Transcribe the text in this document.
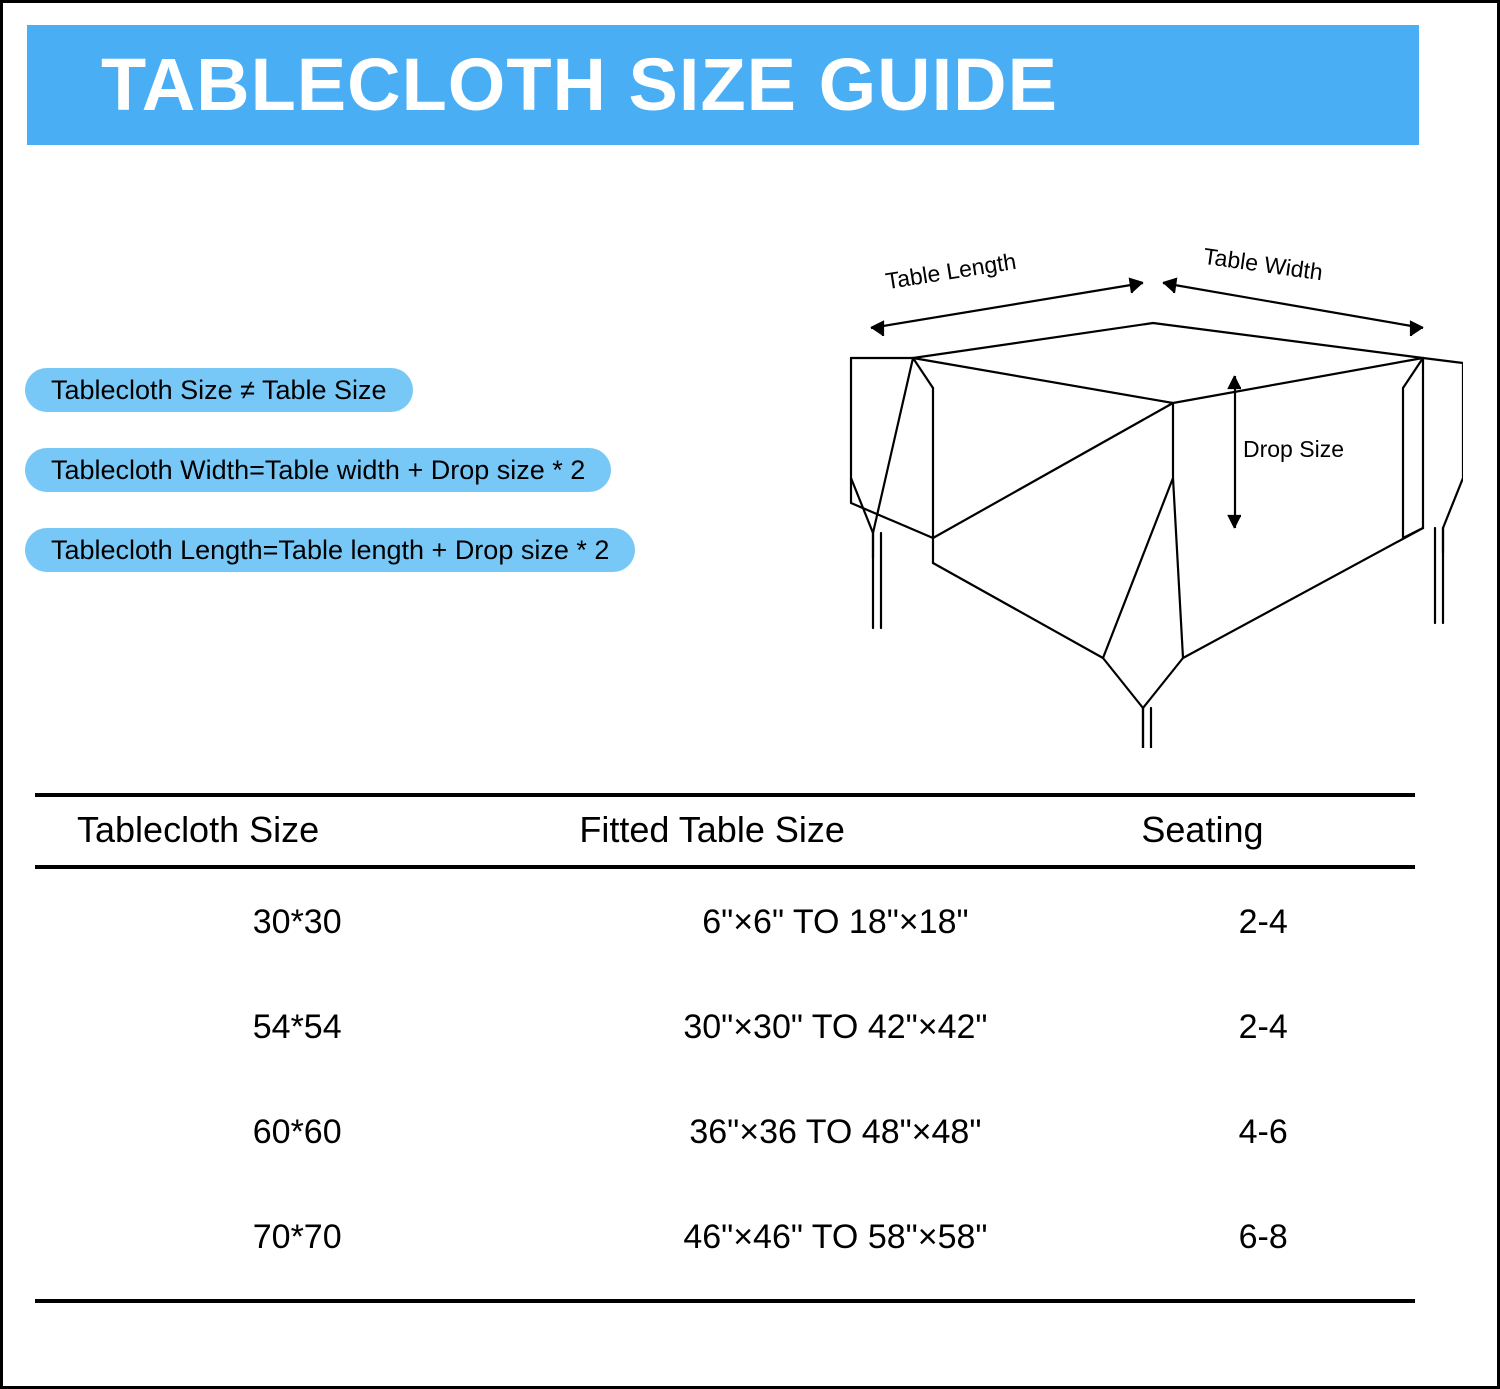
TABLECLOTH SIZE GUIDE
Tablecloth Size ≠ Table Size
Tablecloth Width=Table width + Drop size * 2
Tablecloth Length=Table length + Drop size * 2
Table Length	Table Width
Drop Size
Tablecloth Size	Fitted Table Size	Seating
30*30	6"×6" TO 18"×18"	2-4
54*54	30"×30" TO 42"×42"	2-4
60*60	36"×36 TO 48"×48"	4-6
70*70	46"×46" TO 58"×58"	6-8
